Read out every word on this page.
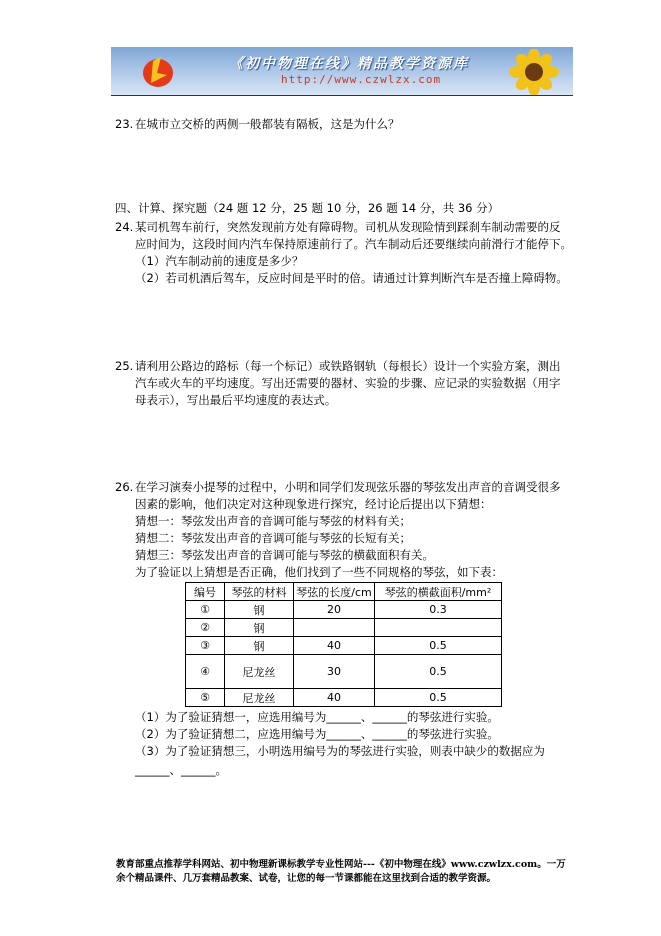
《初中物理在线》精品教学资源库
http://www.czwlzx.com
23. 在城市立交桥的两侧一般都装有隔板，这是为什么？
四、计算、探究题（24 题 12 分，25 题 10 分，26 题 14 分，共 36 分）
24. 某司机驾车前行，突然发现前方处有障碍物。司机从发现险情到踩刹车制动需要的反
应时间为，这段时间内汽车保持原速前行了。汽车制动后还要继续向前滑行才能停下。
（1）汽车制动前的速度是多少？
（2）若司机酒后驾车，反应时间是平时的倍。请通过计算判断汽车是否撞上障碍物。
25. 请利用公路边的路标（每一个标记）或铁路钢轨（每根长）设计一个实验方案，测出
汽车或火车的平均速度。写出还需要的器材、实验的步骤、应记录的实验数据（用字
母表示），写出最后平均速度的表达式。
26. 在学习演奏小提琴的过程中，小明和同学们发现弦乐器的琴弦发出声音的音调受很多
因素的影响，他们决定对这种现象进行探究，经讨论后提出以下猜想：
猜想一：琴弦发出声音的音调可能与琴弦的材料有关；
猜想二：琴弦发出声音的音调可能与琴弦的长短有关；
猜想三：琴弦发出声音的音调可能与琴弦的横截面积有关。
为了验证以上猜想是否正确，他们找到了一些不同规格的琴弦，如下表：
编号	琴弦的材料	琴弦的长度/cm	琴弦的横截面积/mm²
①	钢	20	0.3
②	钢		
③	钢	40	0.5
④	尼龙丝	30	0.5
⑤	尼龙丝	40	0.5
（1）为了验证猜想一，应选用编号为______、______的琴弦进行实验。
（2）为了验证猜想二，应选用编号为______、______的琴弦进行实验。
（3）为了验证猜想三，小明选用编号为的琴弦进行实验，则表中缺少的数据应为
______、______。
教育部重点推荐学科网站、初中物理新课标教学专业性网站---《初中物理在线》www.czwlzx.com。一万
余个精品课件、几万套精品教案、试卷，让您的每一节课都能在这里找到合适的教学资源。
